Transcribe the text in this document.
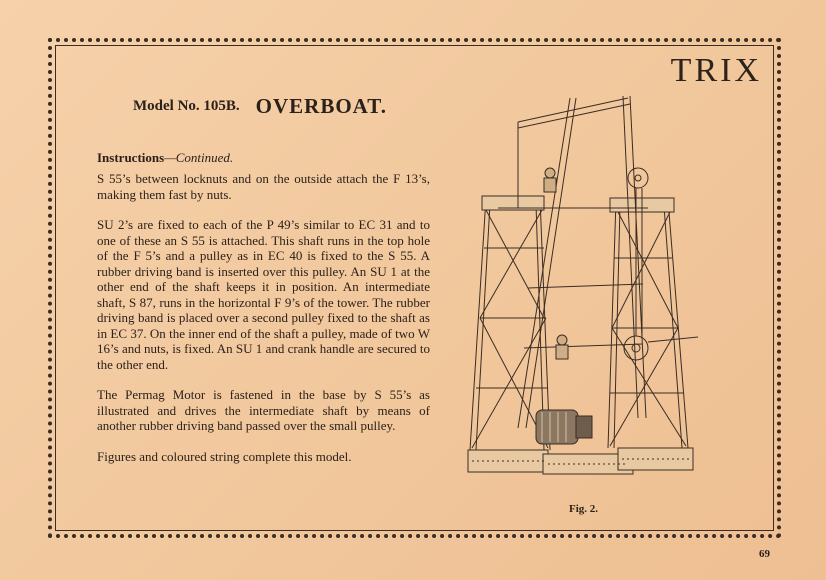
TRIX
Model No. 105B. OVERBOAT.
Instructions—Continued.

S 55’s between locknuts and on the outside attach the F 13’s, making them fast by nuts.

SU 2’s are fixed to each of the P 49’s similar to EC 31 and to one of these an S 55 is attached. This shaft runs in the top hole of the F 5’s and a pulley as in EC 40 is fixed to the S 55. A rubber driving band is inserted over this pulley. An SU 1 at the other end of the shaft keeps it in position. An intermediate shaft, S 87, runs in the horizontal F 9’s of the tower. The rubber driving band is placed over a second pulley fixed to the shaft as in EC 37. On the inner end of the shaft a pulley, made of two W 16’s and nuts, is fixed. An SU 1 and crank handle are secured to the other end.

The Permag Motor is fastened in the base by S 55’s as illustrated and drives the intermediate shaft by means of another rubber driving band passed over the small pulley.

Figures and coloured string complete this model.

Fig. 2.
69
